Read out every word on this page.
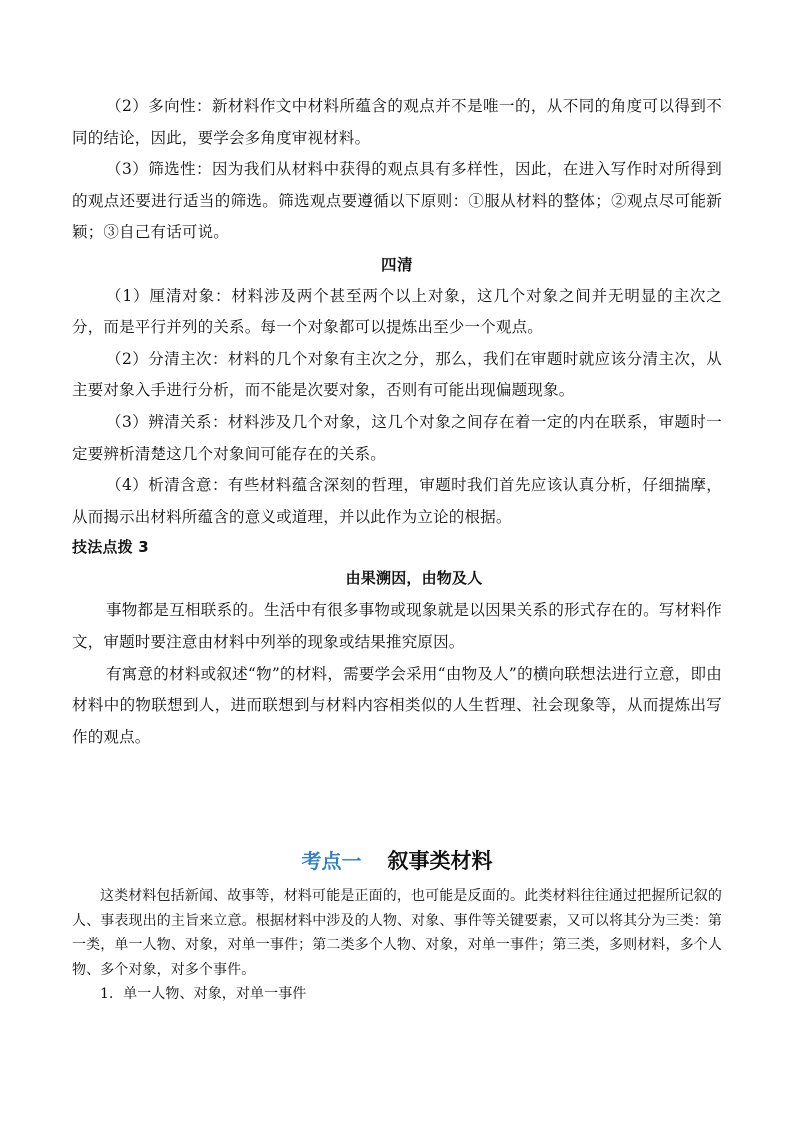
（2）多向性：新材料作文中材料所蕴含的观点并不是唯一的，从不同的角度可以得到不同的结论，因此，要学会多角度审视材料。

（3）筛选性：因为我们从材料中获得的观点具有多样性，因此，在进入写作时对所得到的观点还要进行适当的筛选。筛选观点要遵循以下原则：①服从材料的整体；②观点尽可能新颖；③自己有话可说。

四清

（1）厘清对象：材料涉及两个甚至两个以上对象，这几个对象之间并无明显的主次之分，而是平行并列的关系。每一个对象都可以提炼出至少一个观点。

（2）分清主次：材料的几个对象有主次之分，那么，我们在审题时就应该分清主次，从主要对象入手进行分析，而不能是次要对象，否则有可能出现偏题现象。

（3）辨清关系：材料涉及几个对象，这几个对象之间存在着一定的内在联系，审题时一定要辨析清楚这几个对象间可能存在的关系。

（4）析清含意：有些材料蕴含深刻的哲理，审题时我们首先应该认真分析，仔细揣摩，从而揭示出材料所蕴含的意义或道理，并以此作为立论的根据。

技法点拨 3

由果溯因，由物及人

事物都是互相联系的。生活中有很多事物或现象就是以因果关系的形式存在的。写材料作文，审题时要注意由材料中列举的现象或结果推究原因。

有寓意的材料或叙述“物”的材料，需要学会采用“由物及人”的横向联想法进行立意，即由材料中的物联想到人，进而联想到与材料内容相类似的人生哲理、社会现象等，从而提炼出写作的观点。

考点一 叙事类材料

这类材料包括新闻、故事等，材料可能是正面的，也可能是反面的。此类材料往往通过把握所记叙的人、事表现出的主旨来立意。根据材料中涉及的人物、对象、事件等关键要素，又可以将其分为三类：第一类，单一人物、对象，对单一事件；第二类多个人物、对象，对单一事件；第三类，多则材料，多个人物、多个对象，对多个事件。

1．单一人物、对象，对单一事件
